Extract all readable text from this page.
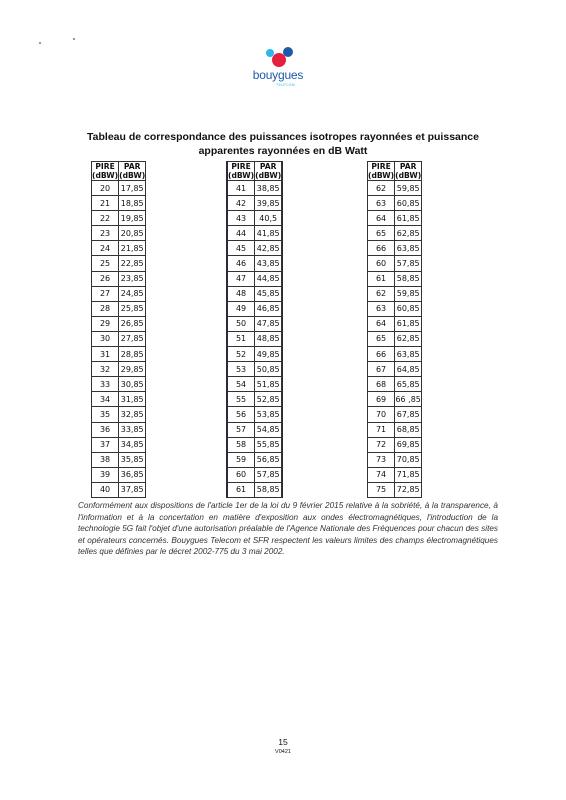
bouygues
TELECOM
Tableau de correspondance des puissances isotropes rayonnées et puissance apparentes rayonnées en dB Watt
PIRE (dBW)	PAR (dBW)
20	17,85
21	18,85
22	19,85
23	20,85
24	21,85
25	22,85
26	23,85
27	24,85
28	25,85
29	26,85
30	27,85
31	28,85
32	29,85
33	30,85
34	31,85
35	32,85
36	33,85
37	34,85
38	35,85
39	36,85
40	37,85
	PIRE (dBW)	PAR (dBW)	
	41	38,85	
	42	39,85	
	43	40,5	
	44	41,85	
	45	42,85	
	46	43,85	
	47	44,85	
	48	45,85	
	49	46,85	
	50	47,85	
	51	48,85	
	52	49,85	
	53	50,85	
	54	51,85	
	55	52,85	
	56	53,85	
	57	54,85	
	58	55,85	
	59	56,85	
	60	57,85	
	61	58,85	
PIRE (dBW)	PAR (dBW)
62	59,85
63	60,85
64	61,85
65	62,85
66	63,85
60	57,85
61	58,85
62	59,85
63	60,85
64	61,85
65	62,85
66	63,85
67	64,85
68	65,85
69	66 ,85
70	67,85
71	68,85
72	69,85
73	70,85
74	71,85
75	72,85
Conformément aux dispositions de l'article 1er de la loi du 9 février 2015 relative à la sobriété, à la transparence, à l'information et à la concertation en matière d'exposition aux ondes électromagnétiques, l'introduction de la technologie 5G fait l'objet d'une autorisation préalable de l'Agence Nationale des Fréquences pour chacun des sites et opérateurs concernés. Bouygues Telecom et SFR respectent les valeurs limites des champs électromagnétiques telles que définies par le décret 2002-775 du 3 mai 2002.
15
V0421
